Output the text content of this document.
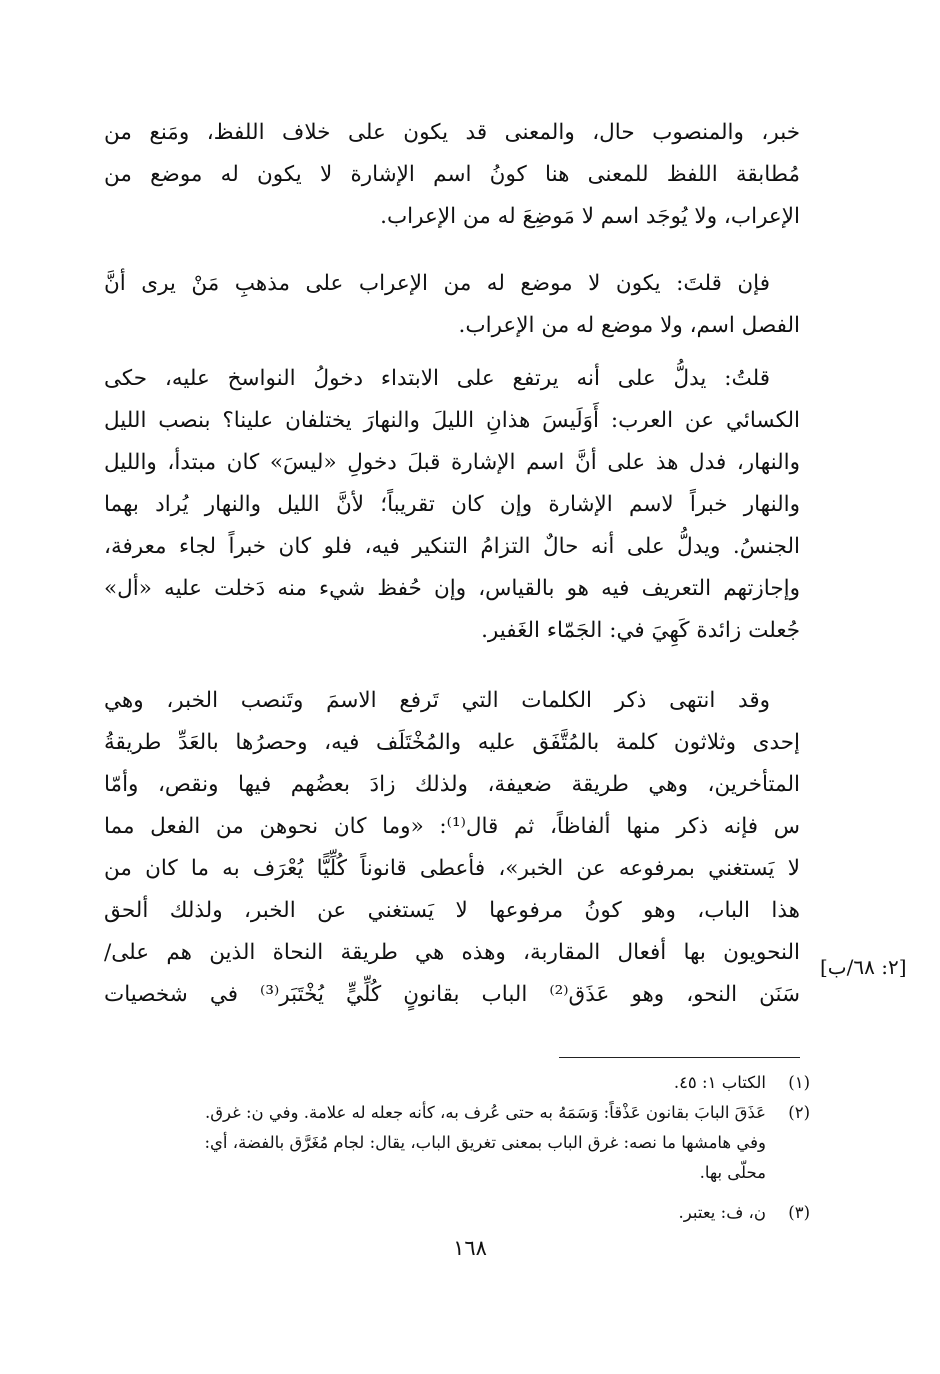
خبر، والمنصوب حال، والمعنى قد يكون على خلاف اللفظ، ومَنع من
مُطابقة اللفظ للمعنى هنا كونُ اسم الإشارة لا يكون له موضع من
الإعراب، ولا يُوجَد اسم لا مَوضِعَ له من الإعراب.
فإن قلتَ: يكون لا موضع له من الإعراب على مذهبِ مَنْ يرى أنَّ
الفصل اسم، ولا موضع له من الإعراب.
قلتُ: يدلُّ على أنه يرتفع على الابتداء دخولُ النواسخ عليه، حكى
الكسائي عن العرب: أَوَلَيسَ هذانِ الليلَ والنهارَ يختلفان علينا؟ بنصب الليل
والنهار، فدل هذ على أنَّ اسم الإشارة قبلَ دخولِ «ليسَ» كان مبتدأ، والليل
والنهار خبراً لاسم الإشارة وإن كان تقريباً؛ لأنَّ الليل والنهار يُراد بهما
الجنسُ. ويدلُّ على أنه حالٌ التزامُ التنكير فيه، فلو كان خبراً لجاء معرفة،
وإجازتهم التعريف فيه هو بالقياس، وإن حُفظ شيء منه دَخلت عليه «أل»
جُعلت زائدة كَهِيَ في: الجَمّاء الغَفير.
وقد انتهى ذكر الكلمات التي تَرفع الاسمَ وتَنصب الخبر، وهي
إحدى وثلاثون كلمة بالمُتَّفَق عليه والمُخْتَلَف فيه، وحصرُها بالعَدِّ طريقةُ
المتأخرين، وهي طريقة ضعيفة، ولذلك زادَ بعضُهم فيها ونقص، وأمّا
س فإنه ذكر منها ألفاظاً، ثم قال⁽¹⁾: «وما كان نحوهن من الفعل مما
لا يَستغني بمرفوعه عن الخبر»، فأعطى قانوناً كُلِّيًّا يُعْرَف به ما كان من
هذا الباب، وهو كونُ مرفوعها لا يَستغني عن الخبر، ولذلك ألحق
النحويون بها أفعال المقاربة، وهذه هي طريقة النحاة الذين هم على/
سَنَن النحو، وهو عَذَق⁽²⁾ الباب بقانونٍ كُلِّيٍّ يُخْتَبَر⁽³⁾ في شخصيات
[٢: ٦٨/ب]
(١)الكتاب ١: ٤٥.
(٢)عَذَقَ البابَ بقانون عَذْقاً: وَسَمَهُ به حتى عُرف به، كأنه جعله له علامة. وفي ن: غرق.
وفي هامشها ما نصه: غرق الباب بمعنى تغريق الباب، يقال: لجام مُغَرَّق بالفضة، أي:
محلّى بها.
(٣)ن، ف: يعتبر.
١٦٨
